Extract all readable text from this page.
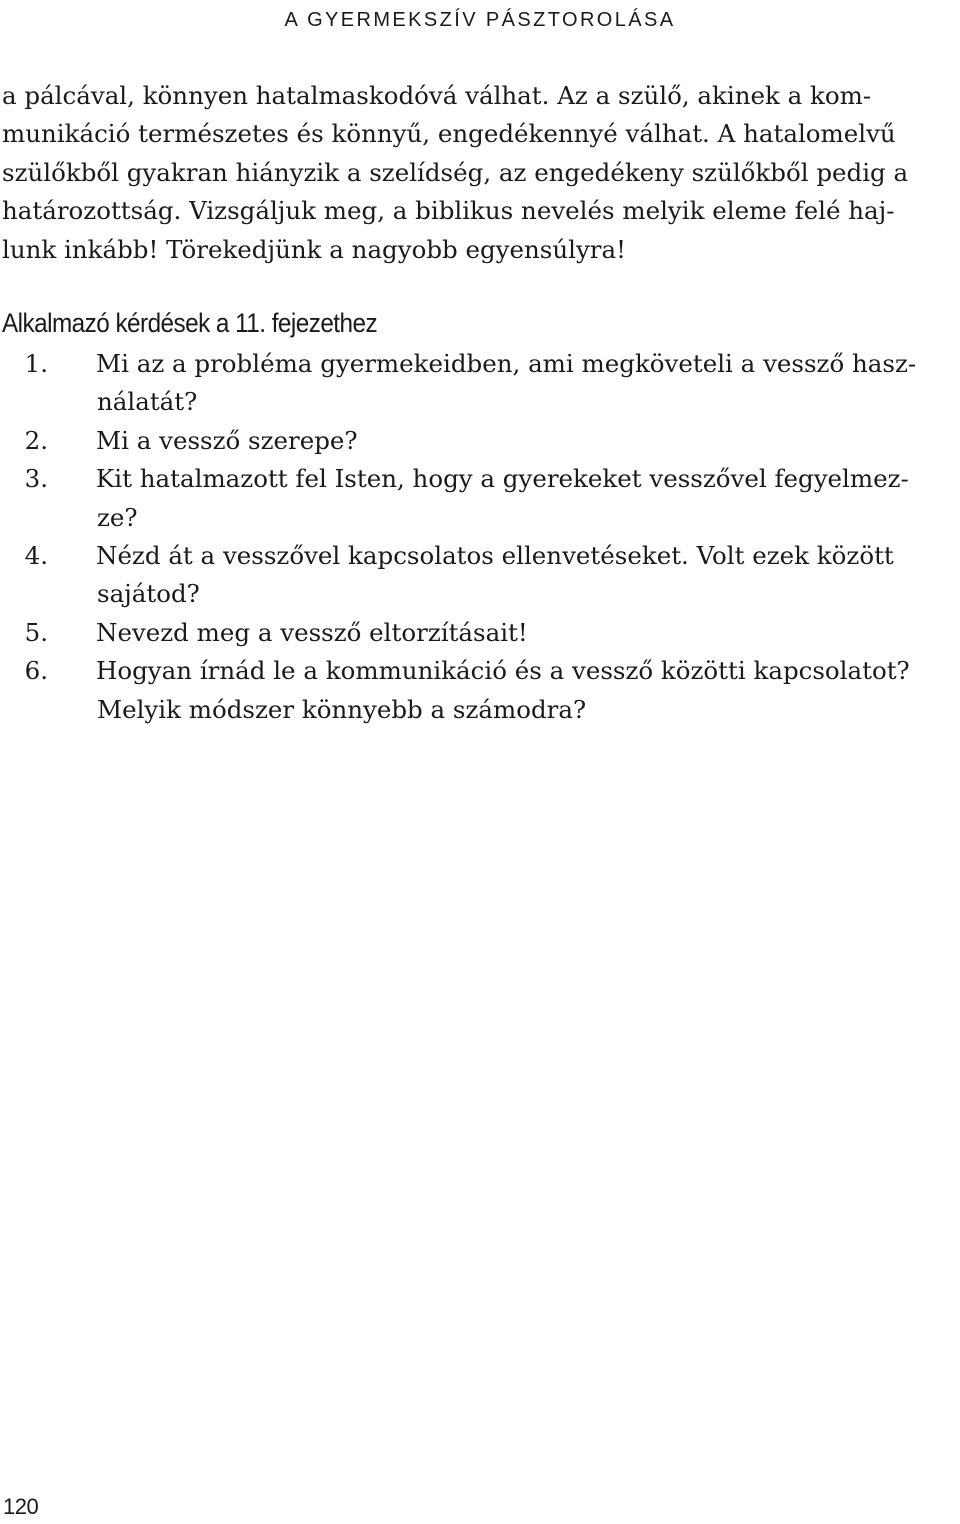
A GYERMEKSZÍV PÁSZTOROLÁSA
a pálcával, könnyen hatalmaskodóvá válhat. Az a szülő, akinek a kom-
munikáció természetes és könnyű, engedékennyé válhat. A hatalomelvű
szülőkből gyakran hiányzik a szelídség, az engedékeny szülőkből pedig a
határozottság. Vizsgáljuk meg, a biblikus nevelés melyik eleme felé haj-
lunk inkább! Törekedjünk a nagyobb egyensúlyra!
Alkalmazó kérdések a 11. fejezethez
1. Mi az a probléma gyermekeidben, ami megköveteli a vessző hasz-
nálatát?
2. Mi a vessző szerepe?
3. Kit hatalmazott fel Isten, hogy a gyerekeket vesszővel fegyelmez-
ze?
4. Nézd át a vesszővel kapcsolatos ellenvetéseket. Volt ezek között
sajátod?
5. Nevezd meg a vessző eltorzításait!
6. Hogyan írnád le a kommunikáció és a vessző közötti kapcsolatot?
Melyik módszer könnyebb a számodra?
120
